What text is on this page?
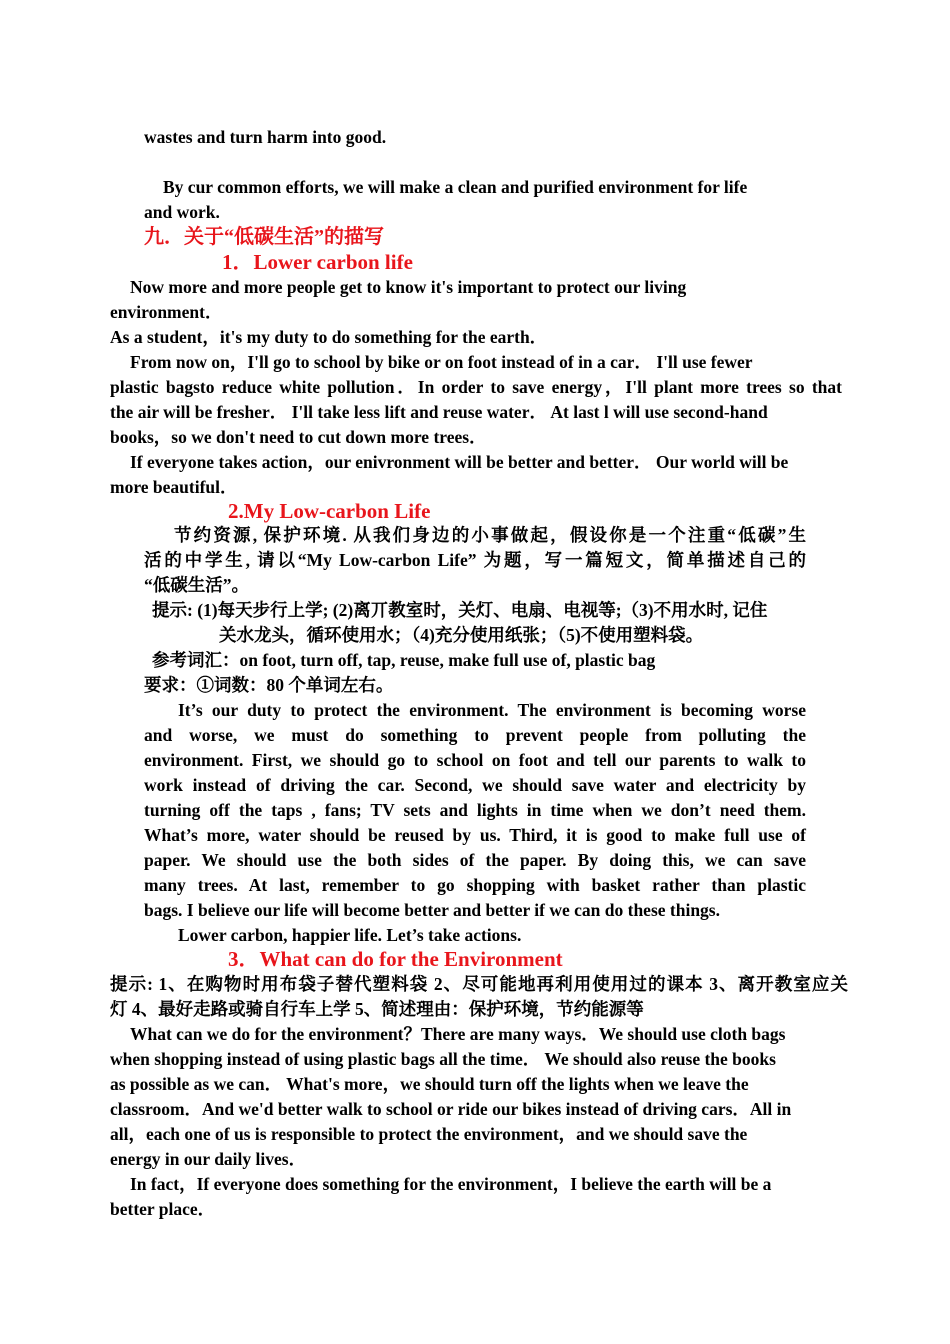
wastes and turn harm into good.
By cur common efforts, we will make a clean and purified environment for life
and work.
九．关于“低碳生活”的描写
1．Lower carbon life
Now more and more people get to know it's important to protect our living
environment．
As a student，it's my duty to do something for the earth．
From now on，I'll go to school by bike or on foot instead of in a car． I'll use fewer
plastic bagsto reduce white pollution．In order to save energy，I'll plant more trees so that
the air will be fresher． I'll take less lift and reuse water． At last l will use second-hand
books，so we don't need to cut down more trees．
If everyone takes action，our enivronment will be better and better． Our world will be
more beautiful．
2.My Low-carbon Life
节约资源, 保护环境. 从我们身边的小事做起，假设你是一个注重“低碳”生
活的中学生, 请以“My Low-carbon Life” 为题，写一篇短文，简单描述自己的
“低碳生活”。
提示: (1)每天步行上学; (2)离丌教室时，关灯、电扇、电视等;（3)不用水时, 记住
关水龙头，循环使用水；（4)充分使用纸张；（5)不使用塑料袋。
参考词汇：on foot, turn off, tap, reuse, make full use of, plastic bag
要求：①词数：80 个单词左右。
It’s our duty to protect the environment. The environment is becoming worse
and worse, we must do something to prevent people from polluting the
environment. First, we should go to school on foot and tell our parents to walk to
work instead of driving the car. Second, we should save water and electricity by
turning off the taps , fans; TV sets and lights in time when we don’t need them.
What’s more, water should be reused by us. Third, it is good to make full use of
paper. We should use the both sides of the paper. By doing this, we can save
many trees. At last, remember to go shopping with basket rather than plastic
bags. I believe our life will become better and better if we can do these things.
Lower carbon, happier life. Let’s take actions.
3．What can do for the Environment
提示: 1、在购物时用布袋子替代塑料袋 2、尽可能地再利用使用过的课本 3、离开教室应关
灯 4、最好走路或骑自行车上学 5、简述理由：保护环境，节约能源等
What can we do for the environment？There are many ways．We should use cloth bags
when shopping instead of using plastic bags all the time． We should also reuse the books
as possible as we can． What's more，we should turn off the lights when we leave the
classroom．And we'd better walk to school or ride our bikes instead of driving cars．All in
all，each one of us is responsible to protect the environment，and we should save the
energy in our daily lives．
In fact，If everyone does something for the environment，I believe the earth will be a
better place．
